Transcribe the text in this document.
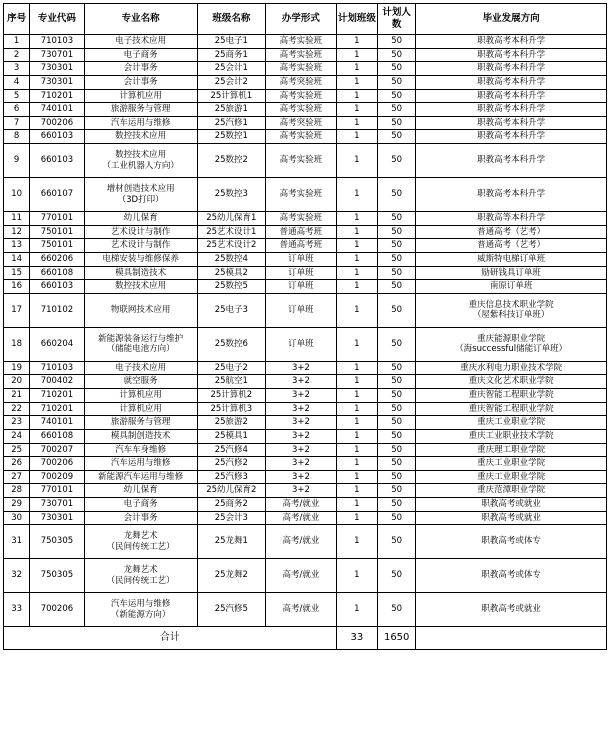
序号	专业代码	专业名称	班级名称	办学形式	计划班级	计划人数	毕业发展方向
1	710103	电子技术应用	25电子1	高考实验班	1	50	职教高考本科升学
2	730701	电子商务	25商务1	高考实验班	1	50	职教高考本科升学
3	730301	会计事务	25会计1	高考实验班	1	50	职教高考本科升学
4	730301	会计事务	25会计2	高考突验班	1	50	职教高考本科升学
5	710201	计算机应用	25计算机1	高考实验班	1	50	职教高考本科升学
6	740101	旅游服务与管理	25旅游1	高考实验班	1	50	职教高考本科升学
7	700206	汽车运用与维修	25汽修1	高考突验班	1	50	职教高考本科升学
8	660103	数控技术应用	25数控1	高考实验班	1	50	职教高考本科升学
9	660103	数控技术应用
（工业机器人方向）	25数控2	高考实验班	1	50	职教高考本科升学
10	660107	增材创造技术应用
（3D打印）	25数控3	高考实验班	1	50	职教高考本科升学
11	770101	幼儿保育	25幼儿保育1	高考实验班	1	50	职教高等本科升学
12	750101	艺术设计与制作	25艺术设计1	普通高考班	1	50	普通高考（艺考）
13	750101	艺术设计与制作	25艺术设计2	普通高考班	1	50	普通高考（艺考）
14	660206	电梯安装与维修保养	25数控4	订单班	1	50	威斯特电梯订单班
15	660108	模具制造技术	25模具2	订单班	1	50	励研钱具订单班
16	660103	数控技术应用	25数控5	订单班	1	50	南原订单班
17	710102	物联网技术应用	25电子3	订单班	1	50	重庆信息技术职业学院
（屋紫科技订单班）
18	660204	新能源装备运行与维护
（储能电池方向）	25数控6	订单班	1	50	重庆能源职业学院
（海successful储能订单班）
19	710103	电子技术应用	25电子2	3+2	1	50	重庆水利电力职业技术学院
20	700402	就空服务	25航空1	3+2	1	50	重庆文化艺术职业学院
21	710201	计算机应用	25计算机2	3+2	1	50	重庆智能工程职业学院
22	710201	计算机应用	25计算机3	3+2	1	50	重庆智能工程职业学院
23	740101	旅游服务与管理	25旅游2	3+2	1	50	重庆工业职业学院
24	660108	模具制创造技术	25模具1	3+2	1	50	重庆工业职业技术学院
25	700207	汽车车身维修	25汽修4	3+2	1	50	重庆理工职业学院
26	700206	汽车运用与维修	25汽修2	3+2	1	50	重庆工业职业学院
27	700209	新能源汽车运用与维修	25汽修3	3+2	1	50	重庆工业职业学院
28	770101	幼儿保育	25幼儿保育2	3+2	1	50	重庆范潭职业学院
29	730701	电子商务	25商务2	高考/就业	1	50	职教高考或就业
30	730301	会计事务	25会计3	高考/就业	1	50	职教高考或就业
31	750305	龙舞艺术
（民间传统工艺）	25龙舞1	高考/就业	1	50	职教高考或体专
32	750305	龙舞艺术
（民间传统工艺）	25龙舞2	高考/就业	1	50	职教高考或体专
33	700206	汽车运用与维修
（新能源方向）	25汽修5	高考/就业	1	50	职教高考或就业
合计					33	1650	
